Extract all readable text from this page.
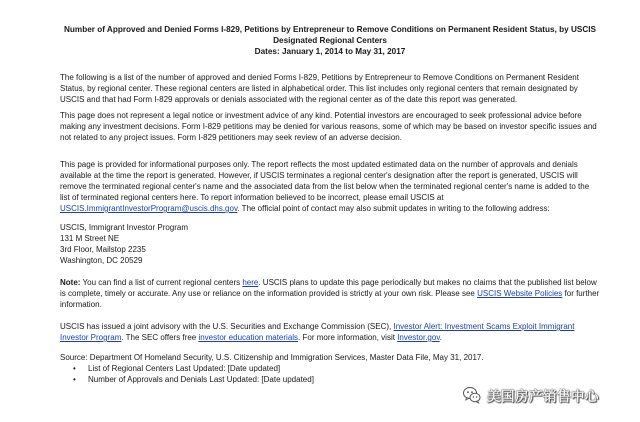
Number of Approved and Denied Forms I-829, Petitions by Entrepreneur to Remove Conditions on Permanent Resident Status, by USCIS
Designated Regional Centers
Dates: January 1, 2014 to May 31, 2017

The following is a list of the number of approved and denied Forms I-829, Petitions by Entrepreneur to Remove Conditions on Permanent Resident Status, by regional center. These regional centers are listed in alphabetical order. This list includes only regional centers that remain designated by USCIS and that had Form I-829 approvals or denials associated with the regional center as of the date this report was generated.

This page does not represent a legal notice or investment advice of any kind. Potential investors are encouraged to seek professional advice before making any investment decisions. Form I-829 petitions may be denied for various reasons, some of which may be based on investor specific issues and not related to any project issues. Form I-829 petitioners may seek review of an adverse decision.

This page is provided for informational purposes only. The report reflects the most updated estimated data on the number of approvals and denials available at the time the report is generated. However, if USCIS terminates a regional center's designation after the report is generated, USCIS will remove the terminated regional center's name and the associated data from the list below when the terminated regional center's name is added to the list of terminated regional centers here. To report information believed to be incorrect, please email USCIS at USCIS.ImmigrantInvestorProgram@uscis.dhs.gov. The official point of contact may also submit updates in writing to the following address:

USCIS, Immigrant Investor Program
131 M Street NE
3rd Floor, Mailstop 2235
Washington, DC 20529

Note: You can find a list of current regional centers here. USCIS plans to update this page periodically but makes no claims that the published list below is complete, timely or accurate. Any use or reliance on the information provided is strictly at your own risk. Please see USCIS Website Policies for further information.

USCIS has issued a joint advisory with the U.S. Securities and Exchange Commission (SEC), Investor Alert: Investment Scams Exploit Immigrant Investor Program. The SEC offers free investor education materials. For more information, visit Investor.gov.

Source: Department Of Homeland Security, U.S. Citizenship and Immigration Services, Master Data File, May 31, 2017.

• List of Regional Centers Last Updated: [Date updated]
• Number of Approvals and Denials Last Updated: [Date updated]
美国房产销售中心
